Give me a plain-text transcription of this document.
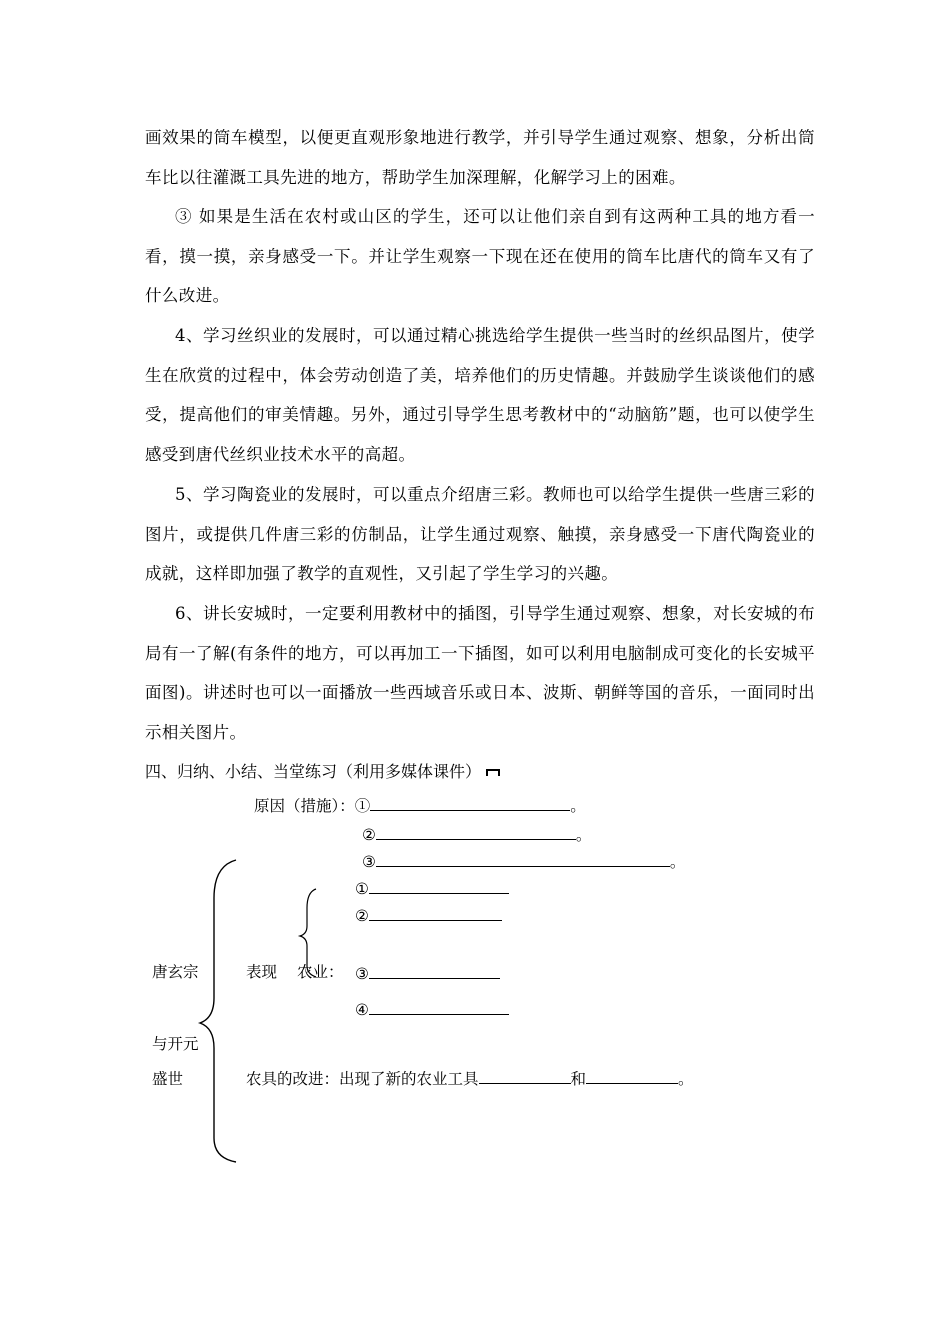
画效果的筒车模型，以便更直观形象地进行教学，并引导学生通过观察、想象，分析出筒车比以往灌溉工具先进的地方，帮助学生加深理解，化解学习上的困难。

③ 如果是生活在农村或山区的学生，还可以让他们亲自到有这两种工具的地方看一看，摸一摸，亲身感受一下。并让学生观察一下现在还在使用的筒车比唐代的筒车又有了什么改进。

4、学习丝织业的发展时，可以通过精心挑选给学生提供一些当时的丝织品图片，使学生在欣赏的过程中，体会劳动创造了美，培养他们的历史情趣。并鼓励学生谈谈他们的感受，提高他们的审美情趣。另外，通过引导学生思考教材中的“动脑筋”题，也可以使学生感受到唐代丝织业技术水平的高超。

5、学习陶瓷业的发展时，可以重点介绍唐三彩。教师也可以给学生提供一些唐三彩的图片，或提供几件唐三彩的仿制品，让学生通过观察、触摸，亲身感受一下唐代陶瓷业的成就，这样即加强了教学的直观性，又引起了学生学习的兴趣。

6、讲长安城时，一定要利用教材中的插图，引导学生通过观察、想象，对长安城的布局有一了解(有条件的地方，可以再加工一下插图，如可以利用电脑制成可变化的长安城平面图)。讲述时也可以一面播放一些西域音乐或日本、波斯、朝鲜等国的音乐，一面同时出示相关图片。

四、归纳、小结、当堂练习（利用多媒体课件）
原因（措施）：①	。
②	。
③	。
唐玄宗
与开元
盛世
表现 农业：
①
②
③
④
农具的改进：出现了新的农业工具	和	。
